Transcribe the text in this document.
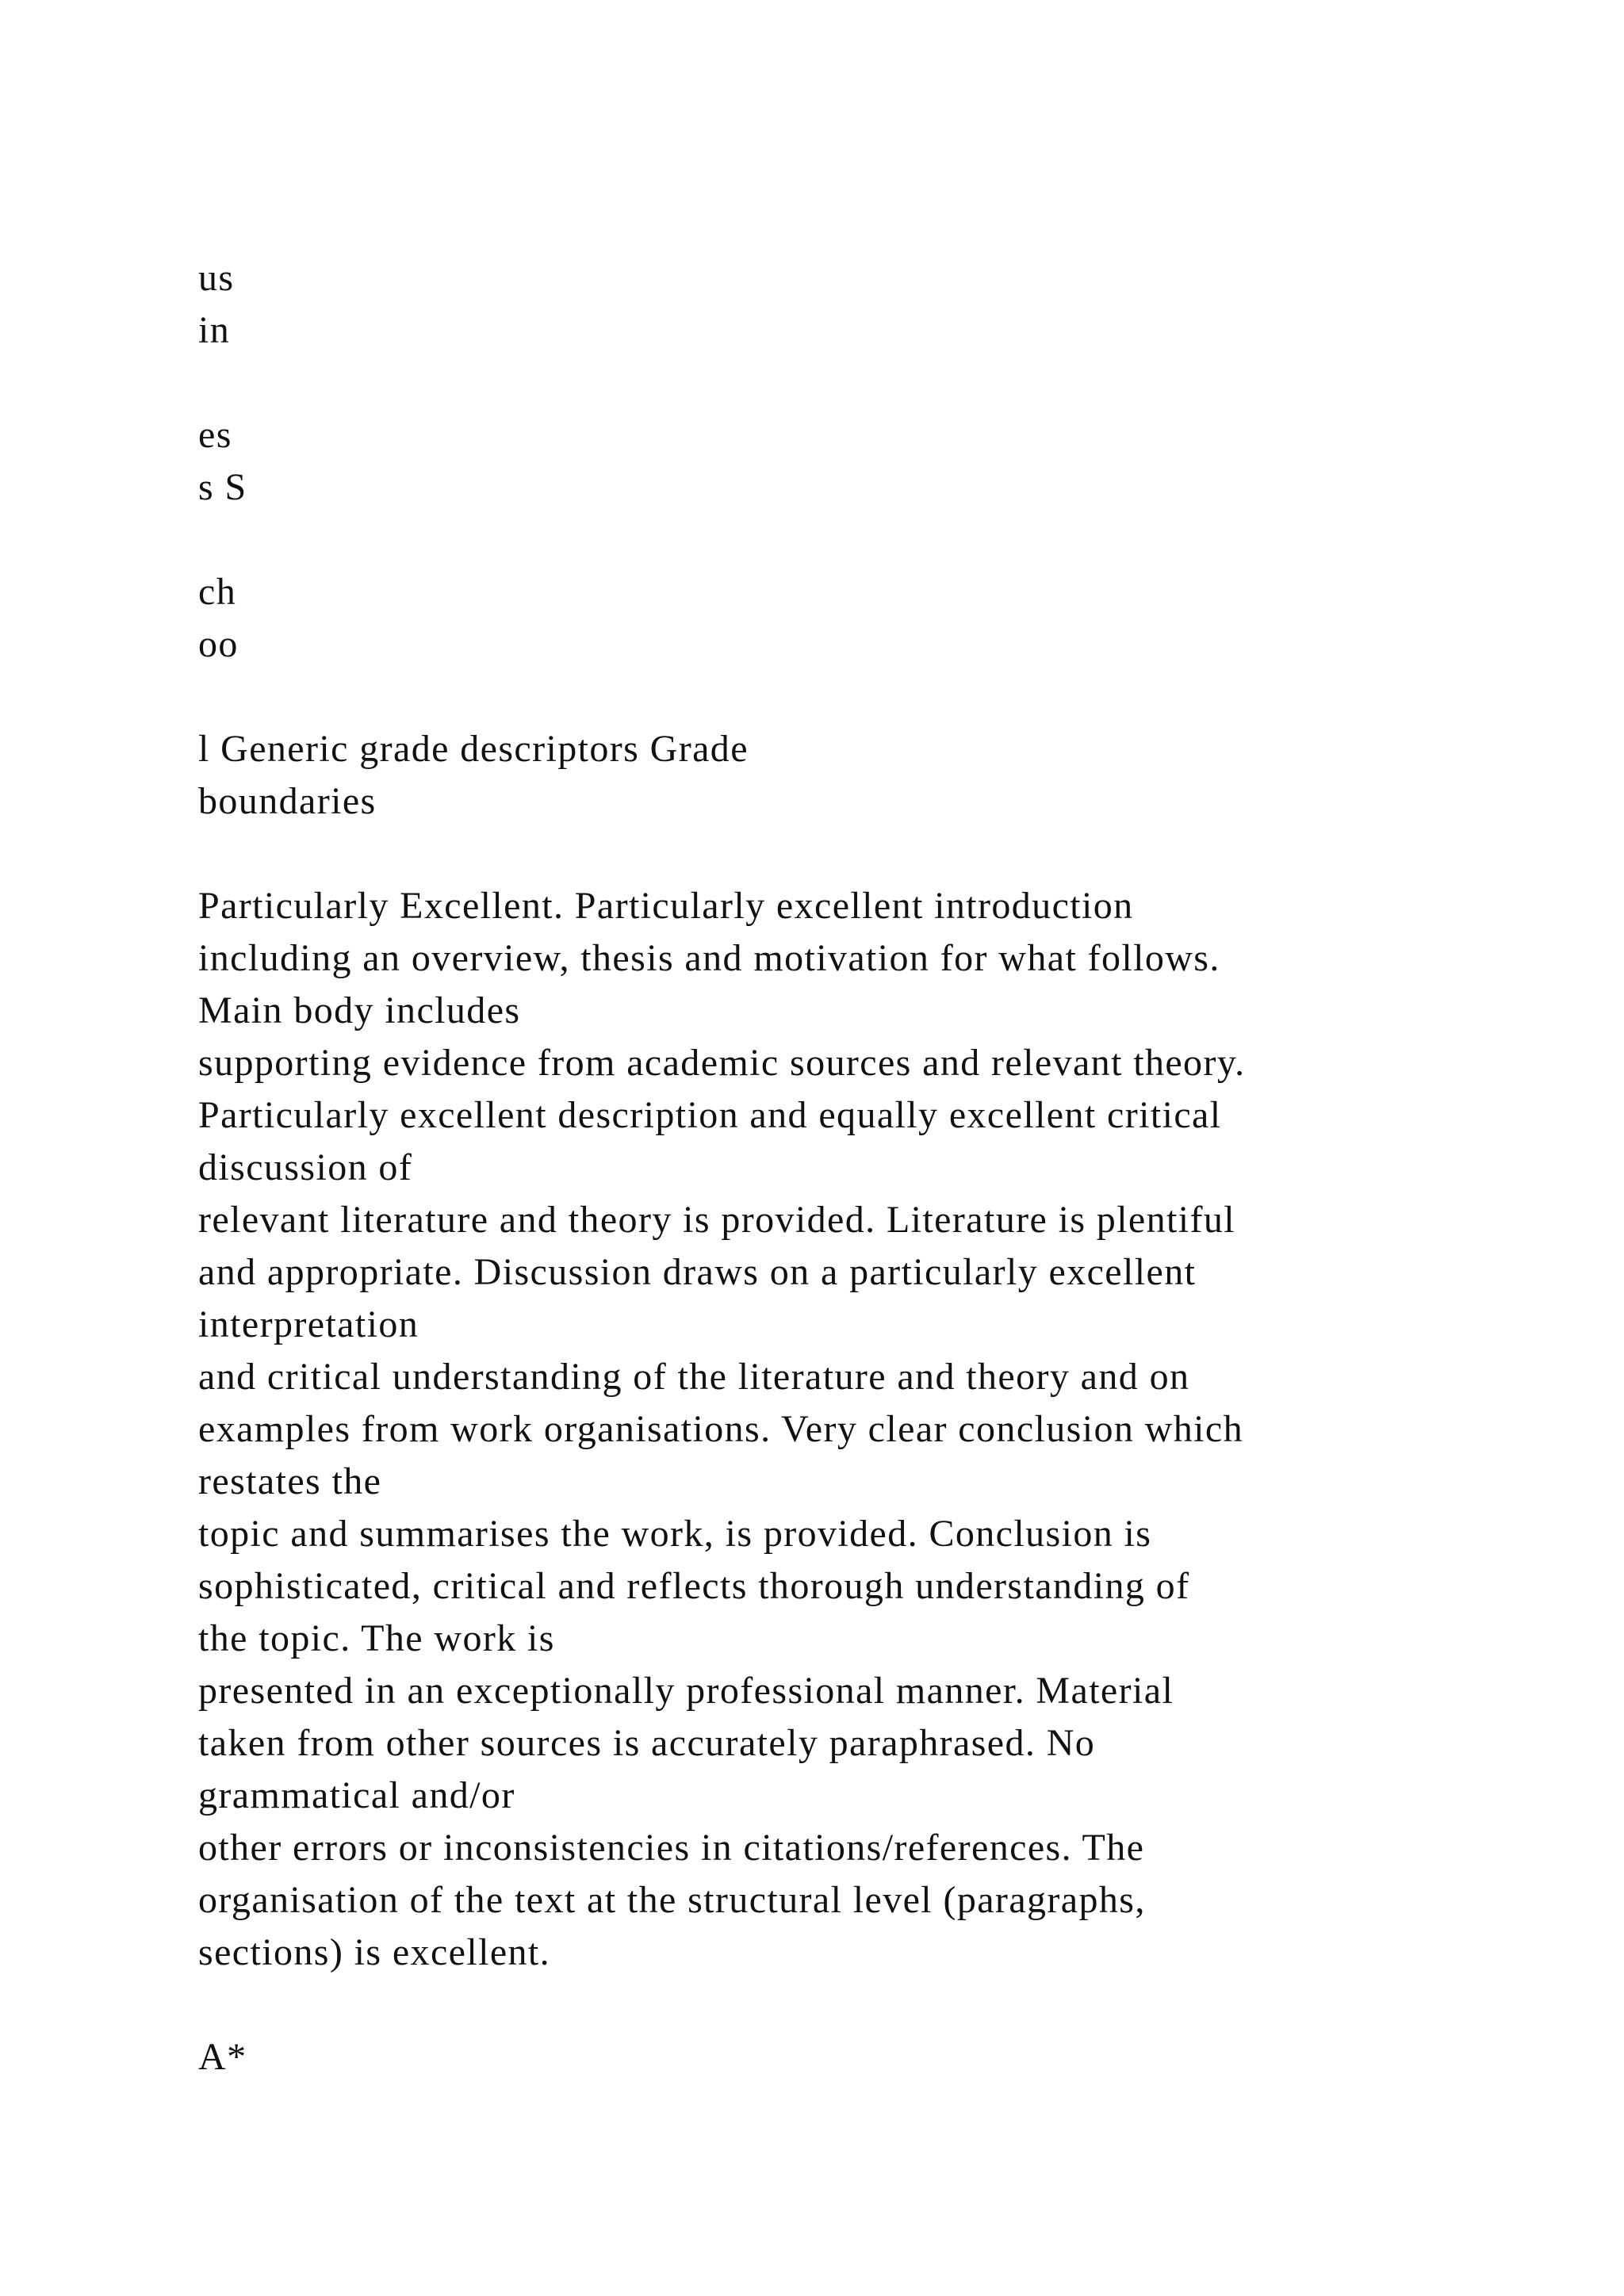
us
in
es
s S
ch
oo
l Generic grade descriptors Grade
boundaries
Particularly Excellent. Particularly excellent introduction
including an overview, thesis and motivation for what follows.
Main body includes
supporting evidence from academic sources and relevant theory.
Particularly excellent description and equally excellent critical
discussion of
relevant literature and theory is provided. Literature is plentiful
and appropriate. Discussion draws on a particularly excellent
interpretation
and critical understanding of the literature and theory and on
examples from work organisations. Very clear conclusion which
restates the
topic and summarises the work, is provided. Conclusion is
sophisticated, critical and reflects thorough understanding of
the topic. The work is
presented in an exceptionally professional manner. Material
taken from other sources is accurately paraphrased. No
grammatical and/or
other errors or inconsistencies in citations/references. The
organisation of the text at the structural level (paragraphs,
sections) is excellent.
A*
